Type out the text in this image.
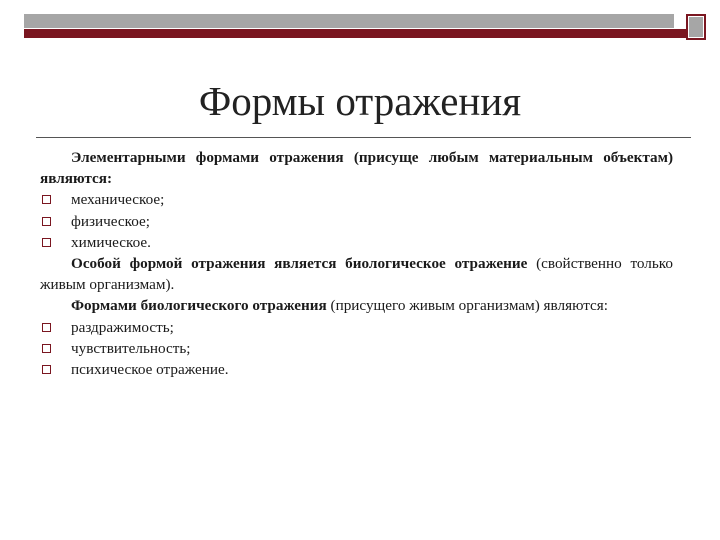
Формы отражения

Элементарными формами отражения (присуще любым материальным объектам) являются:

механическое;

физическое;

химическое.

Особой формой отражения является биологическое отражение (свойственно только живым организмам).

Формами биологического отражения (присущего живым организмам) являются:

раздражимость;

чувствительность;

психическое отражение.
